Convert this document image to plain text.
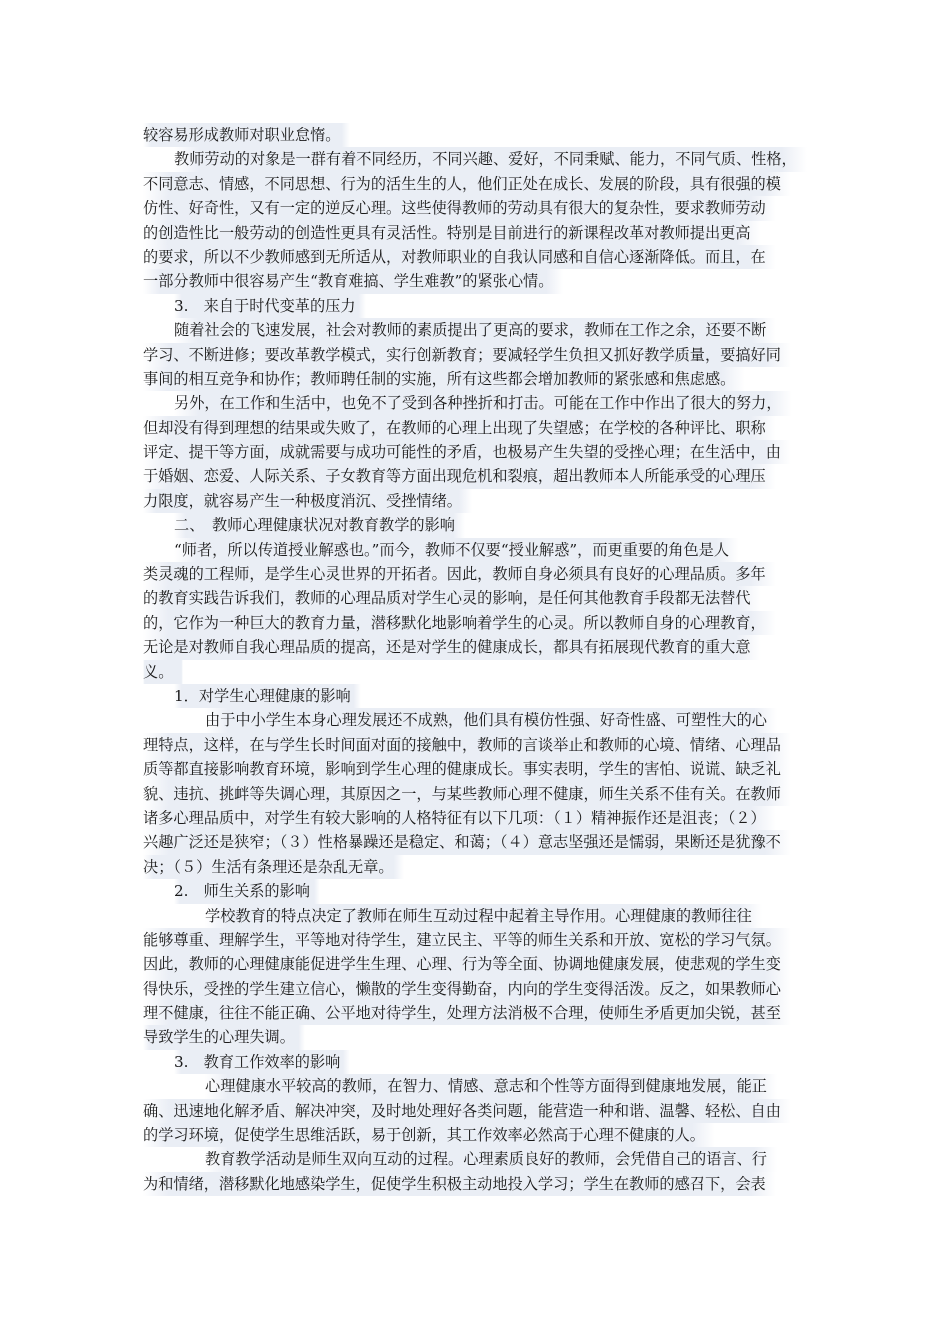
较容易形成教师对职业怠惰。
教师劳动的对象是一群有着不同经历，不同兴趣、爱好，不同秉赋、能力，不同气质、性格，
不同意志、情感，不同思想、行为的活生生的人，他们正处在成长、发展的阶段，具有很强的模
仿性、好奇性，又有一定的逆反心理。这些使得教师的劳动具有很大的复杂性，要求教师劳动
的创造性比一般劳动的创造性更具有灵活性。特别是目前进行的新课程改革对教师提出更高
的要求，所以不少教师感到无所适从，对教师职业的自我认同感和自信心逐渐降低。而且，在
一部分教师中很容易产生“教育难搞、学生难教”的紧张心情。
3.　来自于时代变革的压力
随着社会的飞速发展，社会对教师的素质提出了更高的要求，教师在工作之余，还要不断
学习、不断进修；要改革教学模式，实行创新教育；要减轻学生负担又抓好教学质量，要搞好同
事间的相互竞争和协作；教师聘任制的实施，所有这些都会增加教师的紧张感和焦虑感。
另外，在工作和生活中，也免不了受到各种挫折和打击。可能在工作中作出了很大的努力，
但却没有得到理想的结果或失败了，在教师的心理上出现了失望感；在学校的各种评比、职称
评定、提干等方面，成就需要与成功可能性的矛盾，也极易产生失望的受挫心理；在生活中，由
于婚姻、恋爱、人际关系、子女教育等方面出现危机和裂痕，超出教师本人所能承受的心理压
力限度，就容易产生一种极度消沉、受挫情绪。
二、　教师心理健康状况对教育教学的影响
“师者，所以传道授业解惑也。”而今，教师不仅要“授业解惑”，而更重要的角色是人
类灵魂的工程师，是学生心灵世界的开拓者。因此，教师自身必须具有良好的心理品质。多年
的教育实践告诉我们，教师的心理品质对学生心灵的影响，是任何其他教育手段都无法替代
的，它作为一种巨大的教育力量，潜移默化地影响着学生的心灵。所以教师自身的心理教育，
无论是对教师自我心理品质的提高，还是对学生的健康成长，都具有拓展现代教育的重大意
义。
1．对学生心理健康的影响
由于中小学生本身心理发展还不成熟，他们具有模仿性强、好奇性盛、可塑性大的心
理特点，这样，在与学生长时间面对面的接触中，教师的言谈举止和教师的心境、情绪、心理品
质等都直接影响教育环境，影响到学生心理的健康成长。事实表明，学生的害怕、说谎、缺乏礼
貌、违抗、挑衅等失调心理，其原因之一，与某些教师心理不健康，师生关系不佳有关。在教师
诸多心理品质中，对学生有较大影响的人格特征有以下几项：（１）精神振作还是沮丧；（２）
兴趣广泛还是狭窄；（３）性格暴躁还是稳定、和蔼；（４）意志坚强还是懦弱，果断还是犹豫不
决；（５）生活有条理还是杂乱无章。
2.　师生关系的影响
学校教育的特点决定了教师在师生互动过程中起着主导作用。心理健康的教师往往
能够尊重、理解学生，平等地对待学生，建立民主、平等的师生关系和开放、宽松的学习气氛。
因此，教师的心理健康能促进学生生理、心理、行为等全面、协调地健康发展，使悲观的学生变
得快乐，受挫的学生建立信心，懒散的学生变得勤奋，内向的学生变得活泼。反之，如果教师心
理不健康，往往不能正确、公平地对待学生，处理方法消极不合理，使师生矛盾更加尖锐，甚至
导致学生的心理失调。
3.　教育工作效率的影响
心理健康水平较高的教师，在智力、情感、意志和个性等方面得到健康地发展，能正
确、迅速地化解矛盾、解决冲突，及时地处理好各类问题，能营造一种和谐、温馨、轻松、自由
的学习环境，促使学生思维活跃，易于创新，其工作效率必然高于心理不健康的人。
教育教学活动是师生双向互动的过程。心理素质良好的教师，会凭借自己的语言、行
为和情绪，潜移默化地感染学生，促使学生积极主动地投入学习；学生在教师的感召下，会表
